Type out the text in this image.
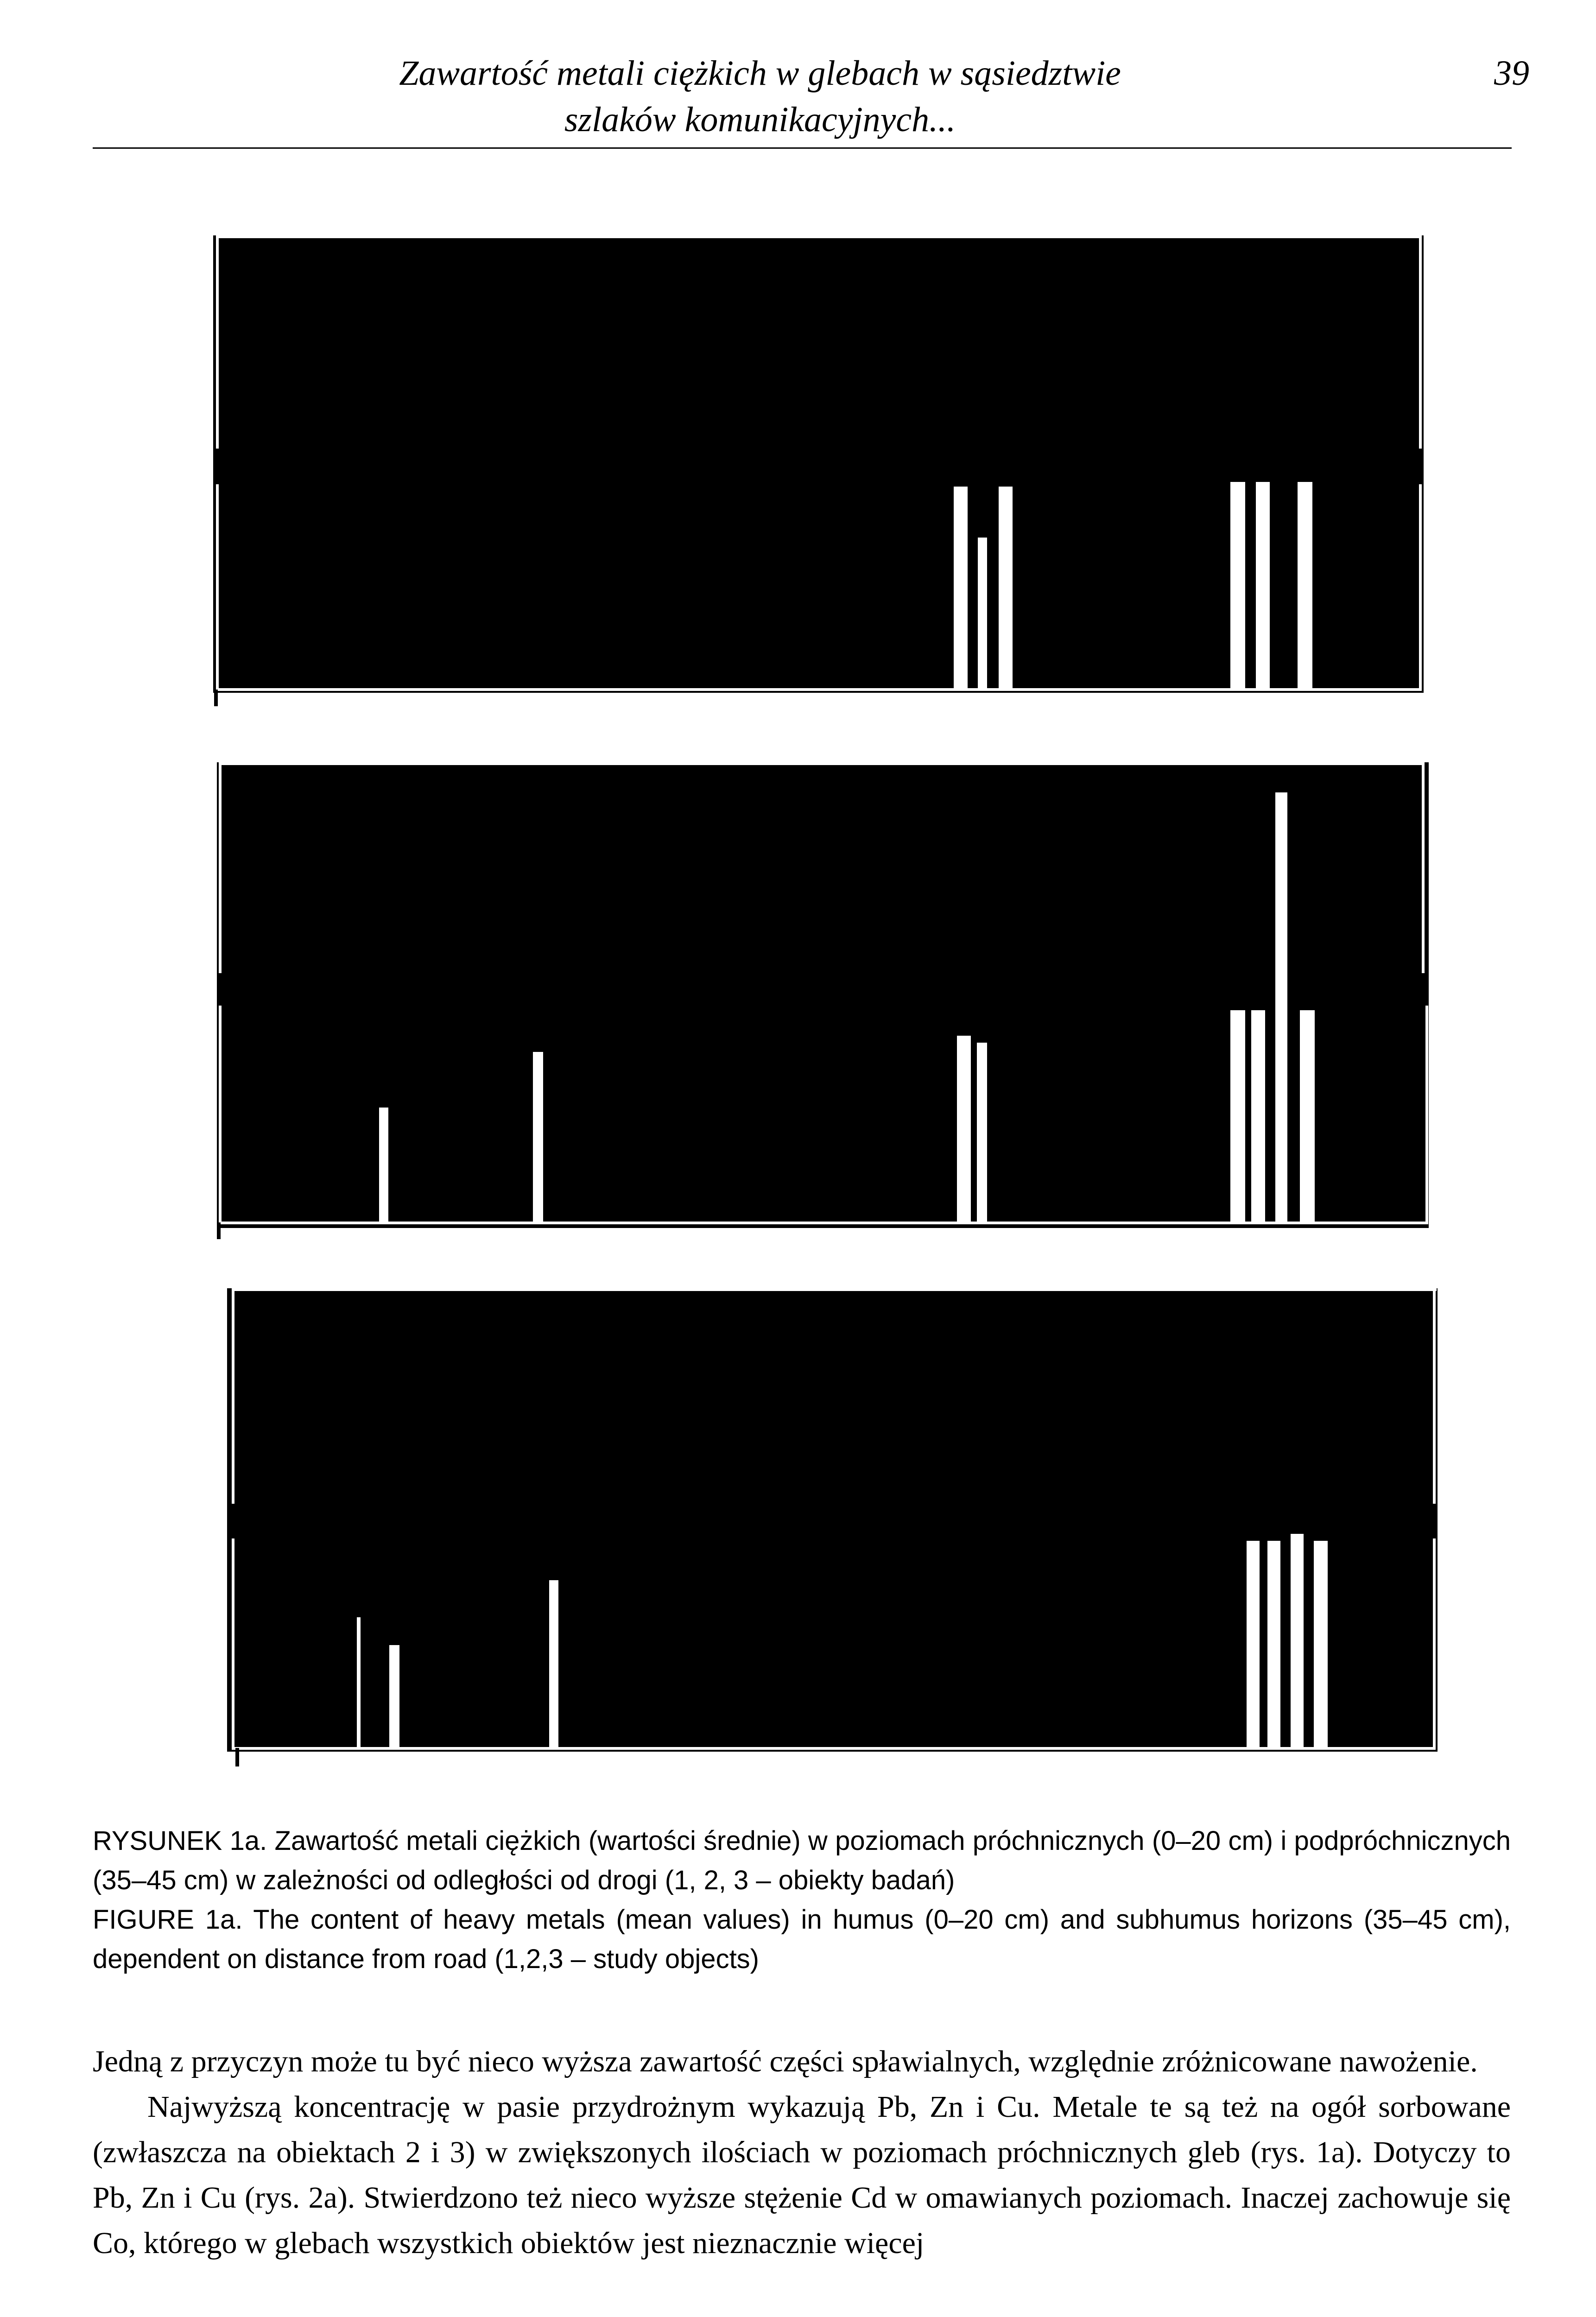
Zawartość metali ciężkich w glebach w sąsiedztwie
szlaków komunikacyjnych...
39

RYSUNEK 1a. Zawartość metali ciężkich (wartości średnie) w poziomach próchnicznych (0–20 cm) i podpróchnicznych (35–45 cm) w zależności od odległości od drogi (1, 2, 3 – obiekty badań)

FIGURE 1a. The content of heavy metals (mean values) in humus (0–20 cm) and subhumus horizons (35–45 cm), dependent on distance from road (1,2,3 – study objects)

Jedną z przyczyn może tu być nieco wyższa zawartość części spławialnych, względnie zróżnicowane nawożenie.

Najwyższą koncentrację w pasie przydrożnym wykazują Pb, Zn i Cu. Metale te są też na ogół sorbowane (zwłaszcza na obiektach 2 i 3) w zwiększonych ilościach w poziomach próchnicznych gleb (rys. 1a). Dotyczy to Pb, Zn i Cu (rys. 2a). Stwierdzono też nieco wyższe stężenie Cd w omawianych poziomach. Inaczej zachowuje się Co, którego w glebach wszystkich obiektów jest nieznacznie więcej
